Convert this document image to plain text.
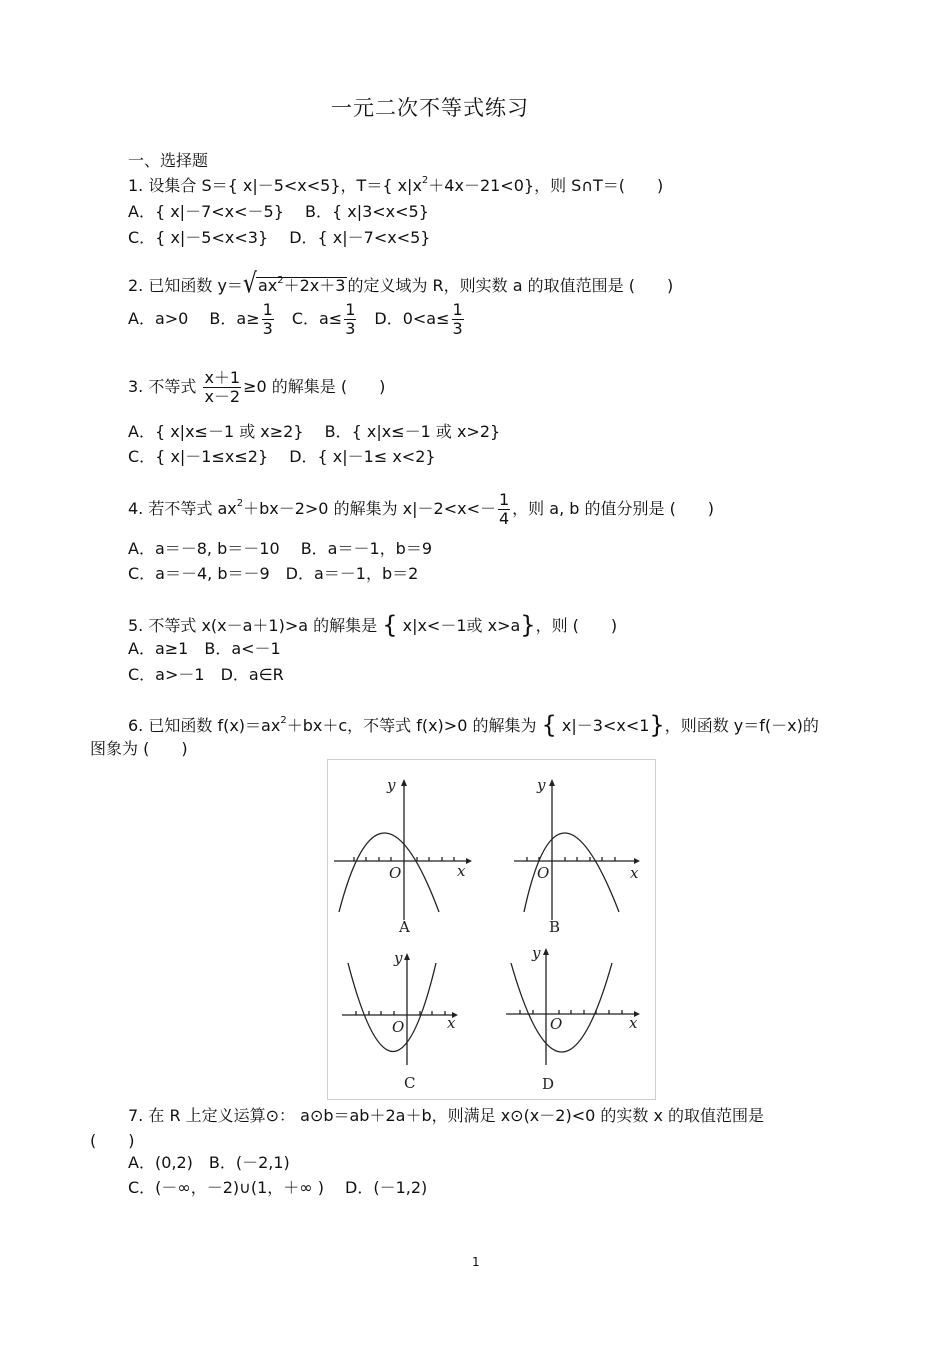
一元二次不等式练习
一、选择题
1. 设集合 S＝{ x|－5<x<5}，T＝{ $x|x^2+4x-21<0$}，则 S∩T＝(　　)
A．{ x|－7<x<－5}　 B．{ x|3<x<5}
C．{ x|－5<x<3}　 D．{ x|－7<x<5}
2. 已知函数 $y=√ax^2+2x+3$ 的定义域为 R，则实数 a 的取值范围是 (　　)
A．a>0　 B．$a\ge \frac{1}{3}$ 　C．$a\le \frac{1}{3}$ 　D．$0<a\le \frac{1}{3}$
3. 不等式 $\frac{x+1}{x-2} \ge 0$ 的解集是 (　　)
A．{ x|x≤－1 或 x≥2}　 B．{ x|x≤－1 或 x>2}
C．{ x|－1≤x≤2}　 D．{ x|－1≤ x<2}
4. 若不等式 $ax^2+bx-2>0$ 的解集为 $x|-2<x<- \frac{1}{4}$ ，则 a, b 的值分别是 (　　)
A．a＝－8, b＝－10　 B．a＝－1，b＝9
C．a＝－4, b＝－9　D．a＝－1，b＝2
5. 不等式 x(x－a＋1)>a 的解集是 { x|x<－1或 x>a}，则 (　　)
A．a≥1　B．a<－1
C．a>－1　D．a∈R
6. 已知函数 $f(x)=ax^2+bx+c$，不等式 f(x)>0 的解集为 { x|－3<x<1}，则函数 y＝f(－x)的
图象为 (　　)
y
x
O
y
x
O
y
x
O
y
x
O
A	B
C	D
7. 在 R 上定义运算⊙： a⊙b＝ab＋2a＋b，则满足 x⊙(x－2)<0 的实数 x 的取值范围是
(　　)
A．(0,2)　B．(－2,1)
C．(－∞，－2)∪(1，＋∞ )　 D．(－1,2)
1
